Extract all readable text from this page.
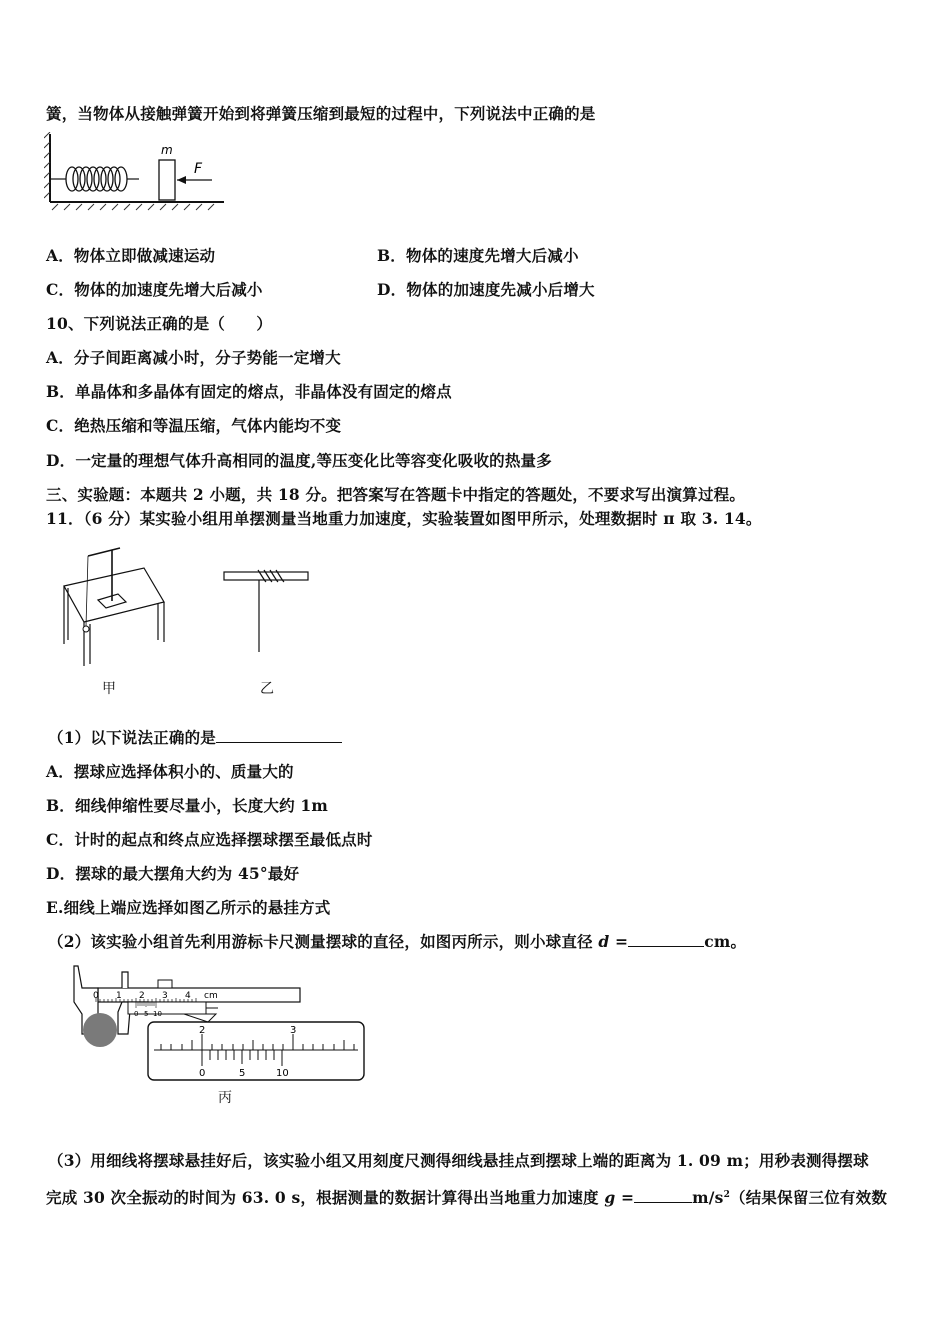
簧，当物体从接触弹簧开始到将弹簧压缩到最短的过程中，下列说法中正确的是
m
F
A．物体立即做减速运动	B．物体的速度先增大后减小
C．物体的加速度先增大后减小	D．物体的加速度先减小后增大
10、下列说法正确的是（　　）
A．分子间距离减小时，分子势能一定增大
B．单晶体和多晶体有固定的熔点，非晶体没有固定的熔点
C．绝热压缩和等温压缩，气体内能均不变
D．一定量的理想气体升高相同的温度,等压变化比等容变化吸收的热量多
三、实验题：本题共 2 小题，共 18 分。把答案写在答题卡中指定的答题处，不要求写出演算过程。
11．（6 分）某实验小组用单摆测量当地重力加速度，实验装置如图甲所示，处理数据时 π 取 3. 14。
甲	乙
（1）以下说法正确的是
A．摆球应选择体积小的、质量大的
B．细线伸缩性要尽量小，长度大约 1m
C．计时的起点和终点应选择摆球摆至最低点时
D．摆球的最大摆角大约为 45°最好
E.细线上端应选择如图乙所示的悬挂方式
（2）该实验小组首先利用游标卡尺测量摆球的直径，如图丙所示，则小球直径 d =	cm。
0 1 2 3 4 cm
0 5 10
2	3
0	5	10
丙
（3）用细线将摆球悬挂好后，该实验小组又用刻度尺测得细线悬挂点到摆球上端的距离为 1. 09 m；用秒表测得摆球
完成 30 次全振动的时间为 63. 0 s，根据测量的数据计算得出当地重力加速度 g =	$m/s^2$（结果保留三位有效数
